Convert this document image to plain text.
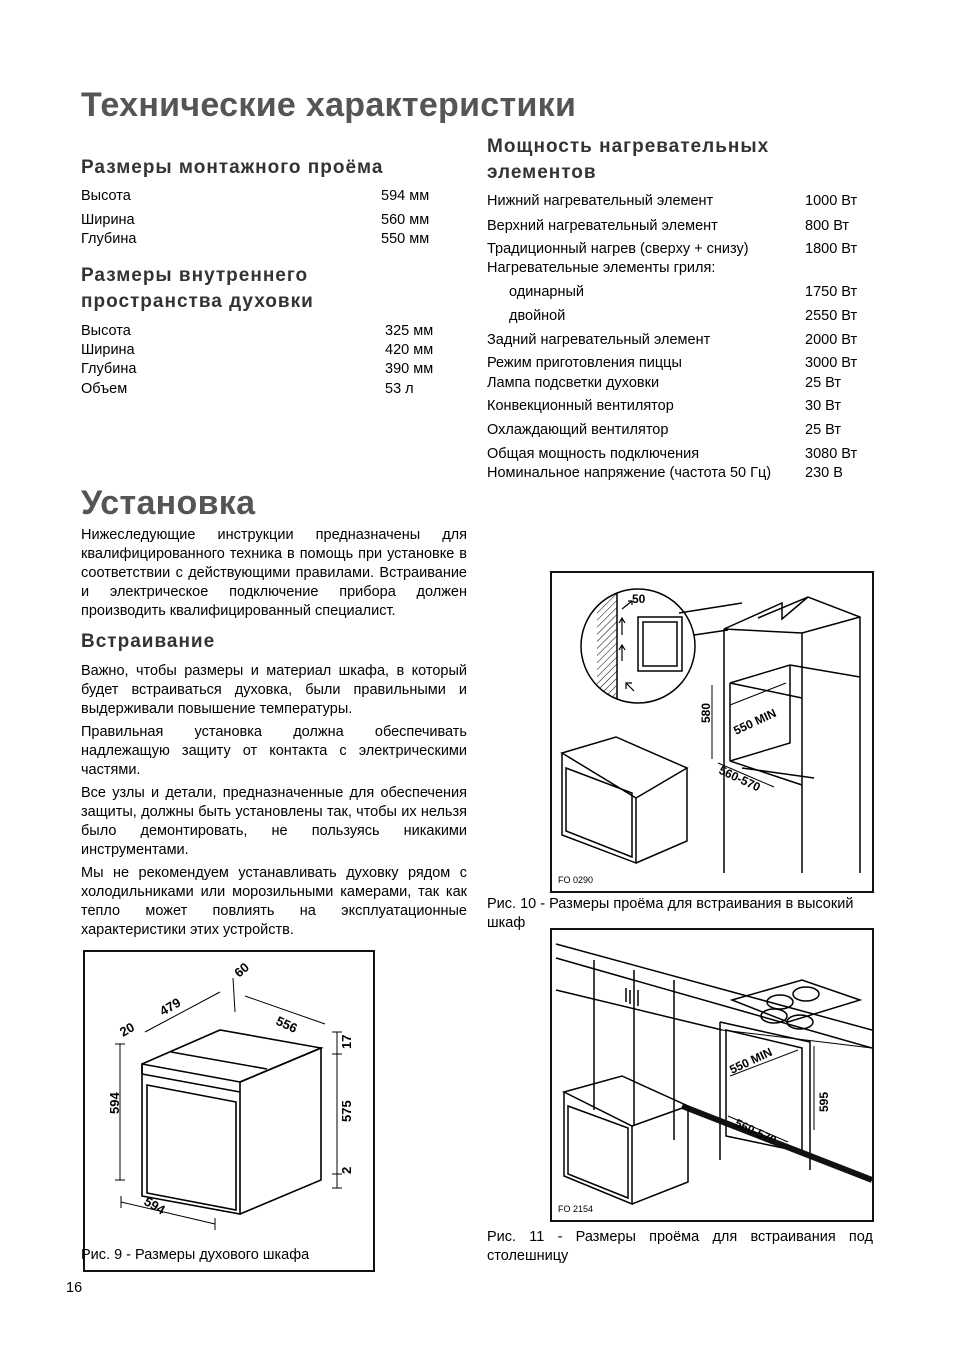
Технические характеристики
Размеры монтажного проёма
Высота	594 мм
Ширина	560 мм
Глубина	550 мм
Размеры внутреннего
пространства духовки
Высота	325 мм
Ширина	420 мм
Глубина	390 мм
Объем	53 л
Мощность нагревательных
элементов
Нижний нагревательный элемент	1000 Вт
Верхний нагревательный элемент	800 Вт
Традиционный нагрев (сверху + снизу)	1800 Вт
Нагревательные элементы гриля:
одинарный	1750 Вт
двойной	2550 Вт
Задний нагревательный элемент	2000 Вт
Режим приготовления пиццы	3000 Вт
Лампа подсветки духовки	25 Вт
Конвекционный вентилятор	30 Вт
Охлаждающий вентилятор	25 Вт
Общая мощность подключения	3080 Вт
Номинальное напряжение (частота 50 Гц) 230 В
Установка

Нижеследующие инструкции предназначены для квалифицированного техника в помощь при установке в соответствии с действующими правилами. Встраивание и электрическое подключение прибора должен производить квалифицированный специалист.

Встраивание

Важно, чтобы размеры и материал шкафа, в который будет встраиваться духовка, были правильными и выдерживали повышение температуры.

Правильная установка должна обеспечивать надлежащую защиту от контакта с электрическими частями.

Все узлы и детали, предназначенные для обеспечения защиты, должны быть установлены так, чтобы их нельзя было демонтировать, не пользуясь никакими инструментами.

Мы не рекомендуем устанавливать духовку рядом с холодильниками или морозильными камерами, так как тепло может повлиять на эксплуатационные характеристики этих устройств.

60
479
20	556
17
594	575
2
594
Рис. 9 - Размеры духового шкафа
50
580 550 MIN
560-570
FO 0290
Рис. 10 - Размеры проёма для встраивания в высокий шкаф
550 MIN
595
560-570
FO 2154
Рис. 11 - Размеры проёма для встраивания под столешницу
16
